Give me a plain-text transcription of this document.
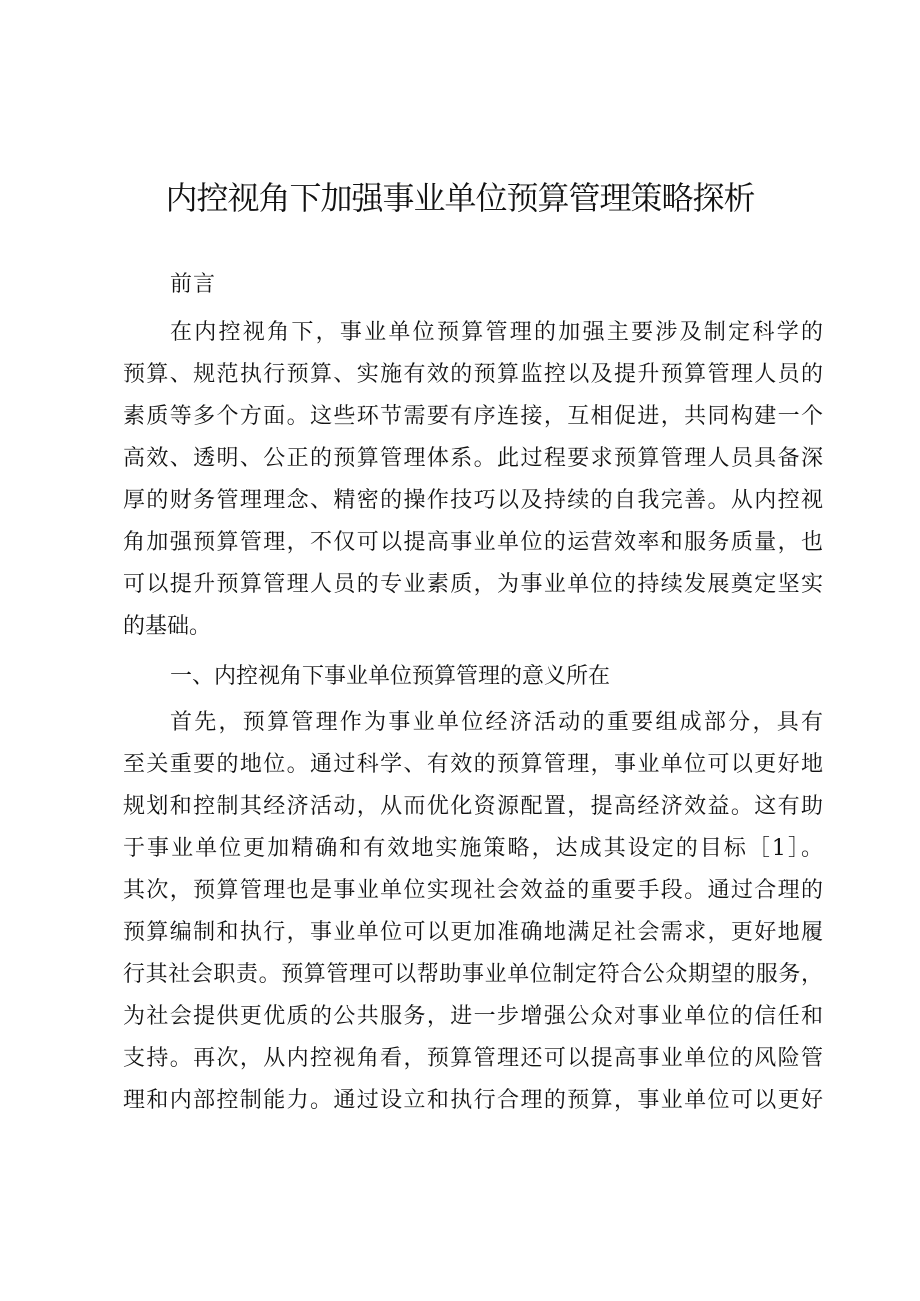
内控视角下加强事业单位预算管理策略探析
前言
在内控视角下，事业单位预算管理的加强主要涉及制定科学的
预算、规范执行预算、实施有效的预算监控以及提升预算管理人员的
素质等多个方面。这些环节需要有序连接，互相促进，共同构建一个
高效、透明、公正的预算管理体系。此过程要求预算管理人员具备深
厚的财务管理理念、精密的操作技巧以及持续的自我完善。从内控视
角加强预算管理，不仅可以提高事业单位的运营效率和服务质量，也
可以提升预算管理人员的专业素质，为事业单位的持续发展奠定坚实
的基础。
一、内控视角下事业单位预算管理的意义所在
首先，预算管理作为事业单位经济活动的重要组成部分，具有
至关重要的地位。通过科学、有效的预算管理，事业单位可以更好地
规划和控制其经济活动，从而优化资源配置，提高经济效益。这有助
于事业单位更加精确和有效地实施策略，达成其设定的目标［1］。
其次，预算管理也是事业单位实现社会效益的重要手段。通过合理的
预算编制和执行，事业单位可以更加准确地满足社会需求，更好地履
行其社会职责。预算管理可以帮助事业单位制定符合公众期望的服务，
为社会提供更优质的公共服务，进一步增强公众对事业单位的信任和
支持。再次，从内控视角看，预算管理还可以提高事业单位的风险管
理和内部控制能力。通过设立和执行合理的预算，事业单位可以更好
